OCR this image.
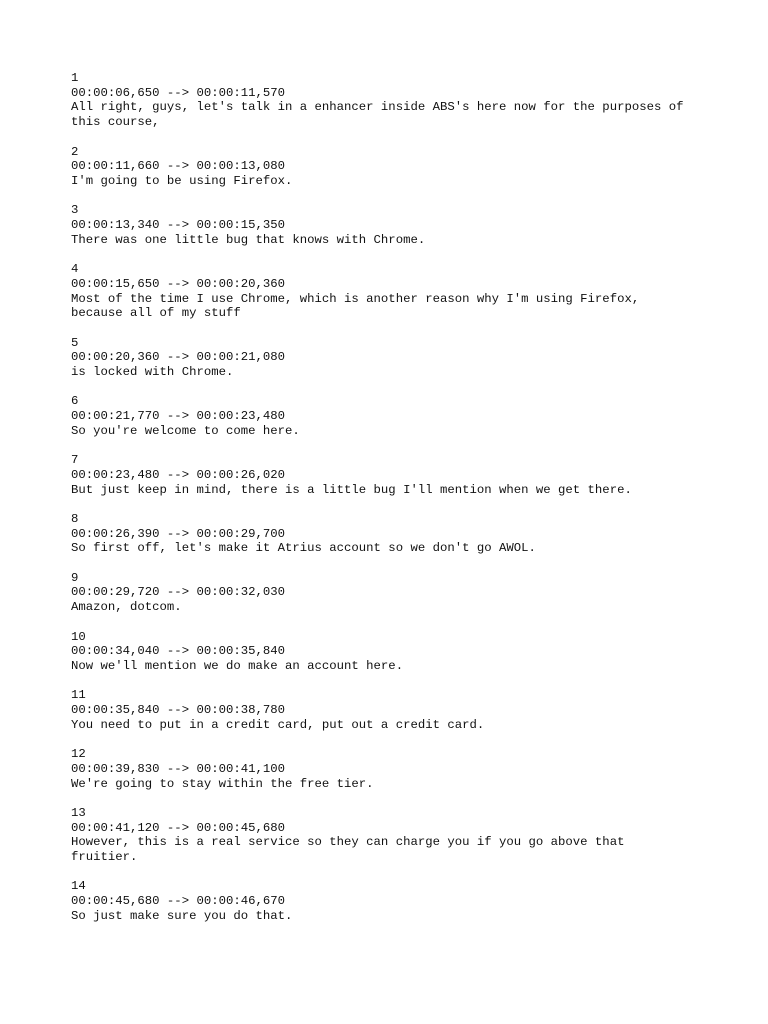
1
00:00:06,650 --> 00:00:11,570
All right, guys, let's talk in a enhancer inside ABS's here now for the purposes of
this course,
2
00:00:11,660 --> 00:00:13,080
I'm going to be using Firefox.
3
00:00:13,340 --> 00:00:15,350
There was one little bug that knows with Chrome.
4
00:00:15,650 --> 00:00:20,360
Most of the time I use Chrome, which is another reason why I'm using Firefox,
because all of my stuff
5
00:00:20,360 --> 00:00:21,080
is locked with Chrome.
6
00:00:21,770 --> 00:00:23,480
So you're welcome to come here.
7
00:00:23,480 --> 00:00:26,020
But just keep in mind, there is a little bug I'll mention when we get there.
8
00:00:26,390 --> 00:00:29,700
So first off, let's make it Atrius account so we don't go AWOL.
9
00:00:29,720 --> 00:00:32,030
Amazon, dotcom.
10
00:00:34,040 --> 00:00:35,840
Now we'll mention we do make an account here.
11
00:00:35,840 --> 00:00:38,780
You need to put in a credit card, put out a credit card.
12
00:00:39,830 --> 00:00:41,100
We're going to stay within the free tier.
13
00:00:41,120 --> 00:00:45,680
However, this is a real service so they can charge you if you go above that
fruitier.
14
00:00:45,680 --> 00:00:46,670
So just make sure you do that.
